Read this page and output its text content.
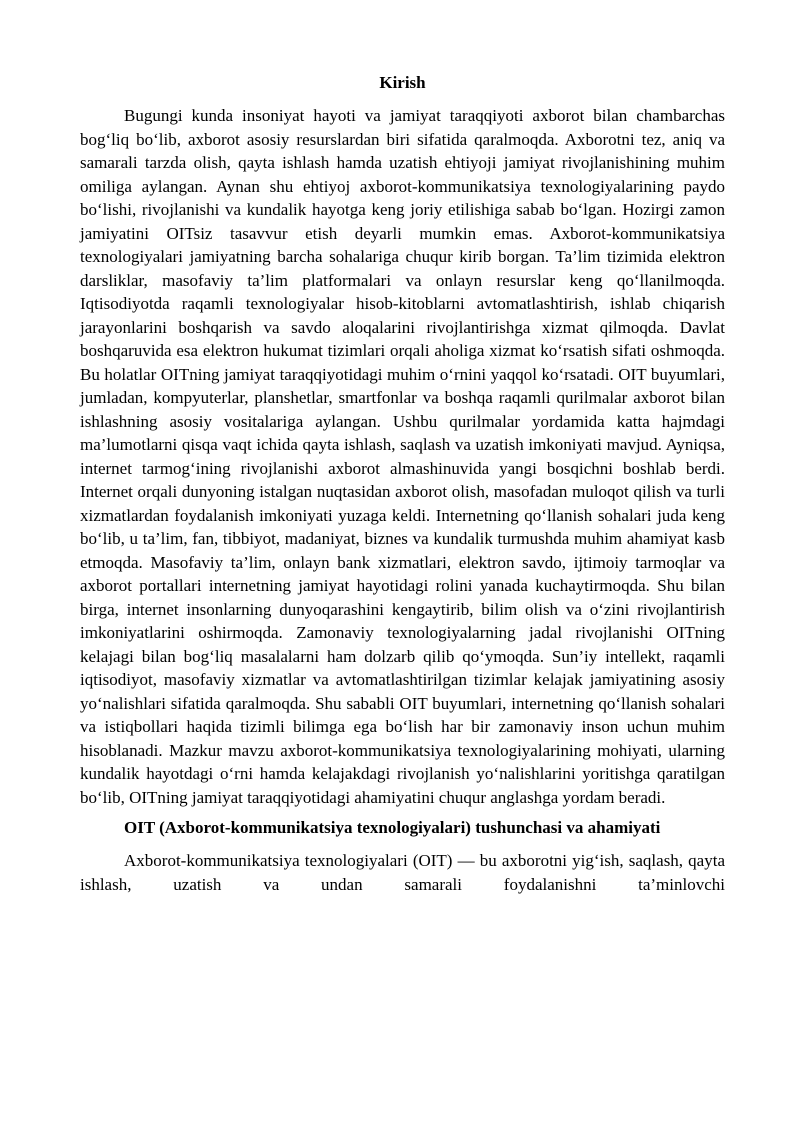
Kirish

Bugungi kunda insoniyat hayoti va jamiyat taraqqiyoti axborot bilan chambarchas bog‘liq bo‘lib, axborot asosiy resurslardan biri sifatida qaralmoqda. Axborotni tez, aniq va samarali tarzda olish, qayta ishlash hamda uzatish ehtiyoji jamiyat rivojlanishining muhim omiliga aylangan. Aynan shu ehtiyoj axborot-kommunikatsiya texnologiyalarining paydo bo‘lishi, rivojlanishi va kundalik hayotga keng joriy etilishiga sabab bo‘lgan. Hozirgi zamon jamiyatini OITsiz tasavvur etish deyarli mumkin emas. Axborot-kommunikatsiya texnologiyalari jamiyatning barcha sohalariga chuqur kirib borgan. Ta’lim tizimida elektron darsliklar, masofaviy ta’lim platformalari va onlayn resurslar keng qo‘llanilmoqda. Iqtisodiyotda raqamli texnologiyalar hisob-kitoblarni avtomatlashtirish, ishlab chiqarish jarayonlarini boshqarish va savdo aloqalarini rivojlantirishga xizmat qilmoqda. Davlat boshqaruvida esa elektron hukumat tizimlari orqali aholiga xizmat ko‘rsatish sifati oshmoqda. Bu holatlar OITning jamiyat taraqqiyotidagi muhim o‘rnini yaqqol ko‘rsatadi. OIT buyumlari, jumladan, kompyuterlar, planshetlar, smartfonlar va boshqa raqamli qurilmalar axborot bilan ishlashning asosiy vositalariga aylangan. Ushbu qurilmalar yordamida katta hajmdagi ma’lumotlarni qisqa vaqt ichida qayta ishlash, saqlash va uzatish imkoniyati mavjud. Ayniqsa, internet tarmog‘ining rivojlanishi axborot almashinuvida yangi bosqichni boshlab berdi. Internet orqali dunyoning istalgan nuqtasidan axborot olish, masofadan muloqot qilish va turli xizmatlardan foydalanish imkoniyati yuzaga keldi. Internetning qo‘llanish sohalari juda keng bo‘lib, u ta’lim, fan, tibbiyot, madaniyat, biznes va kundalik turmushda muhim ahamiyat kasb etmoqda. Masofaviy ta’lim, onlayn bank xizmatlari, elektron savdo, ijtimoiy tarmoqlar va axborot portallari internetning jamiyat hayotidagi rolini yanada kuchaytirmoqda. Shu bilan birga, internet insonlarning dunyoqarashini kengaytirib, bilim olish va o‘zini rivojlantirish imkoniyatlarini oshirmoqda. Zamonaviy texnologiyalarning jadal rivojlanishi OITning kelajagi bilan bog‘liq masalalarni ham dolzarb qilib qo‘ymoqda. Sun’iy intellekt, raqamli iqtisodiyot, masofaviy xizmatlar va avtomatlashtirilgan tizimlar kelajak jamiyatining asosiy yo‘nalishlari sifatida qaralmoqda. Shu sababli OIT buyumlari, internetning qo‘llanish sohalari va istiqbollari haqida tizimli bilimga ega bo‘lish har bir zamonaviy inson uchun muhim hisoblanadi. Mazkur mavzu axborot-kommunikatsiya texnologiyalarining mohiyati, ularning kundalik hayotdagi o‘rni hamda kelajakdagi rivojlanish yo‘nalishlarini yoritishga qaratilgan bo‘lib, OITning jamiyat taraqqiyotidagi ahamiyatini chuqur anglashga yordam beradi.

OIT (Axborot-kommunikatsiya texnologiyalari) tushunchasi va ahamiyati

Axborot-kommunikatsiya texnologiyalari (OIT) — bu axborotni yig‘ish, saqlash, qayta ishlash, uzatish va undan samarali foydalanishni ta’minlovchi
